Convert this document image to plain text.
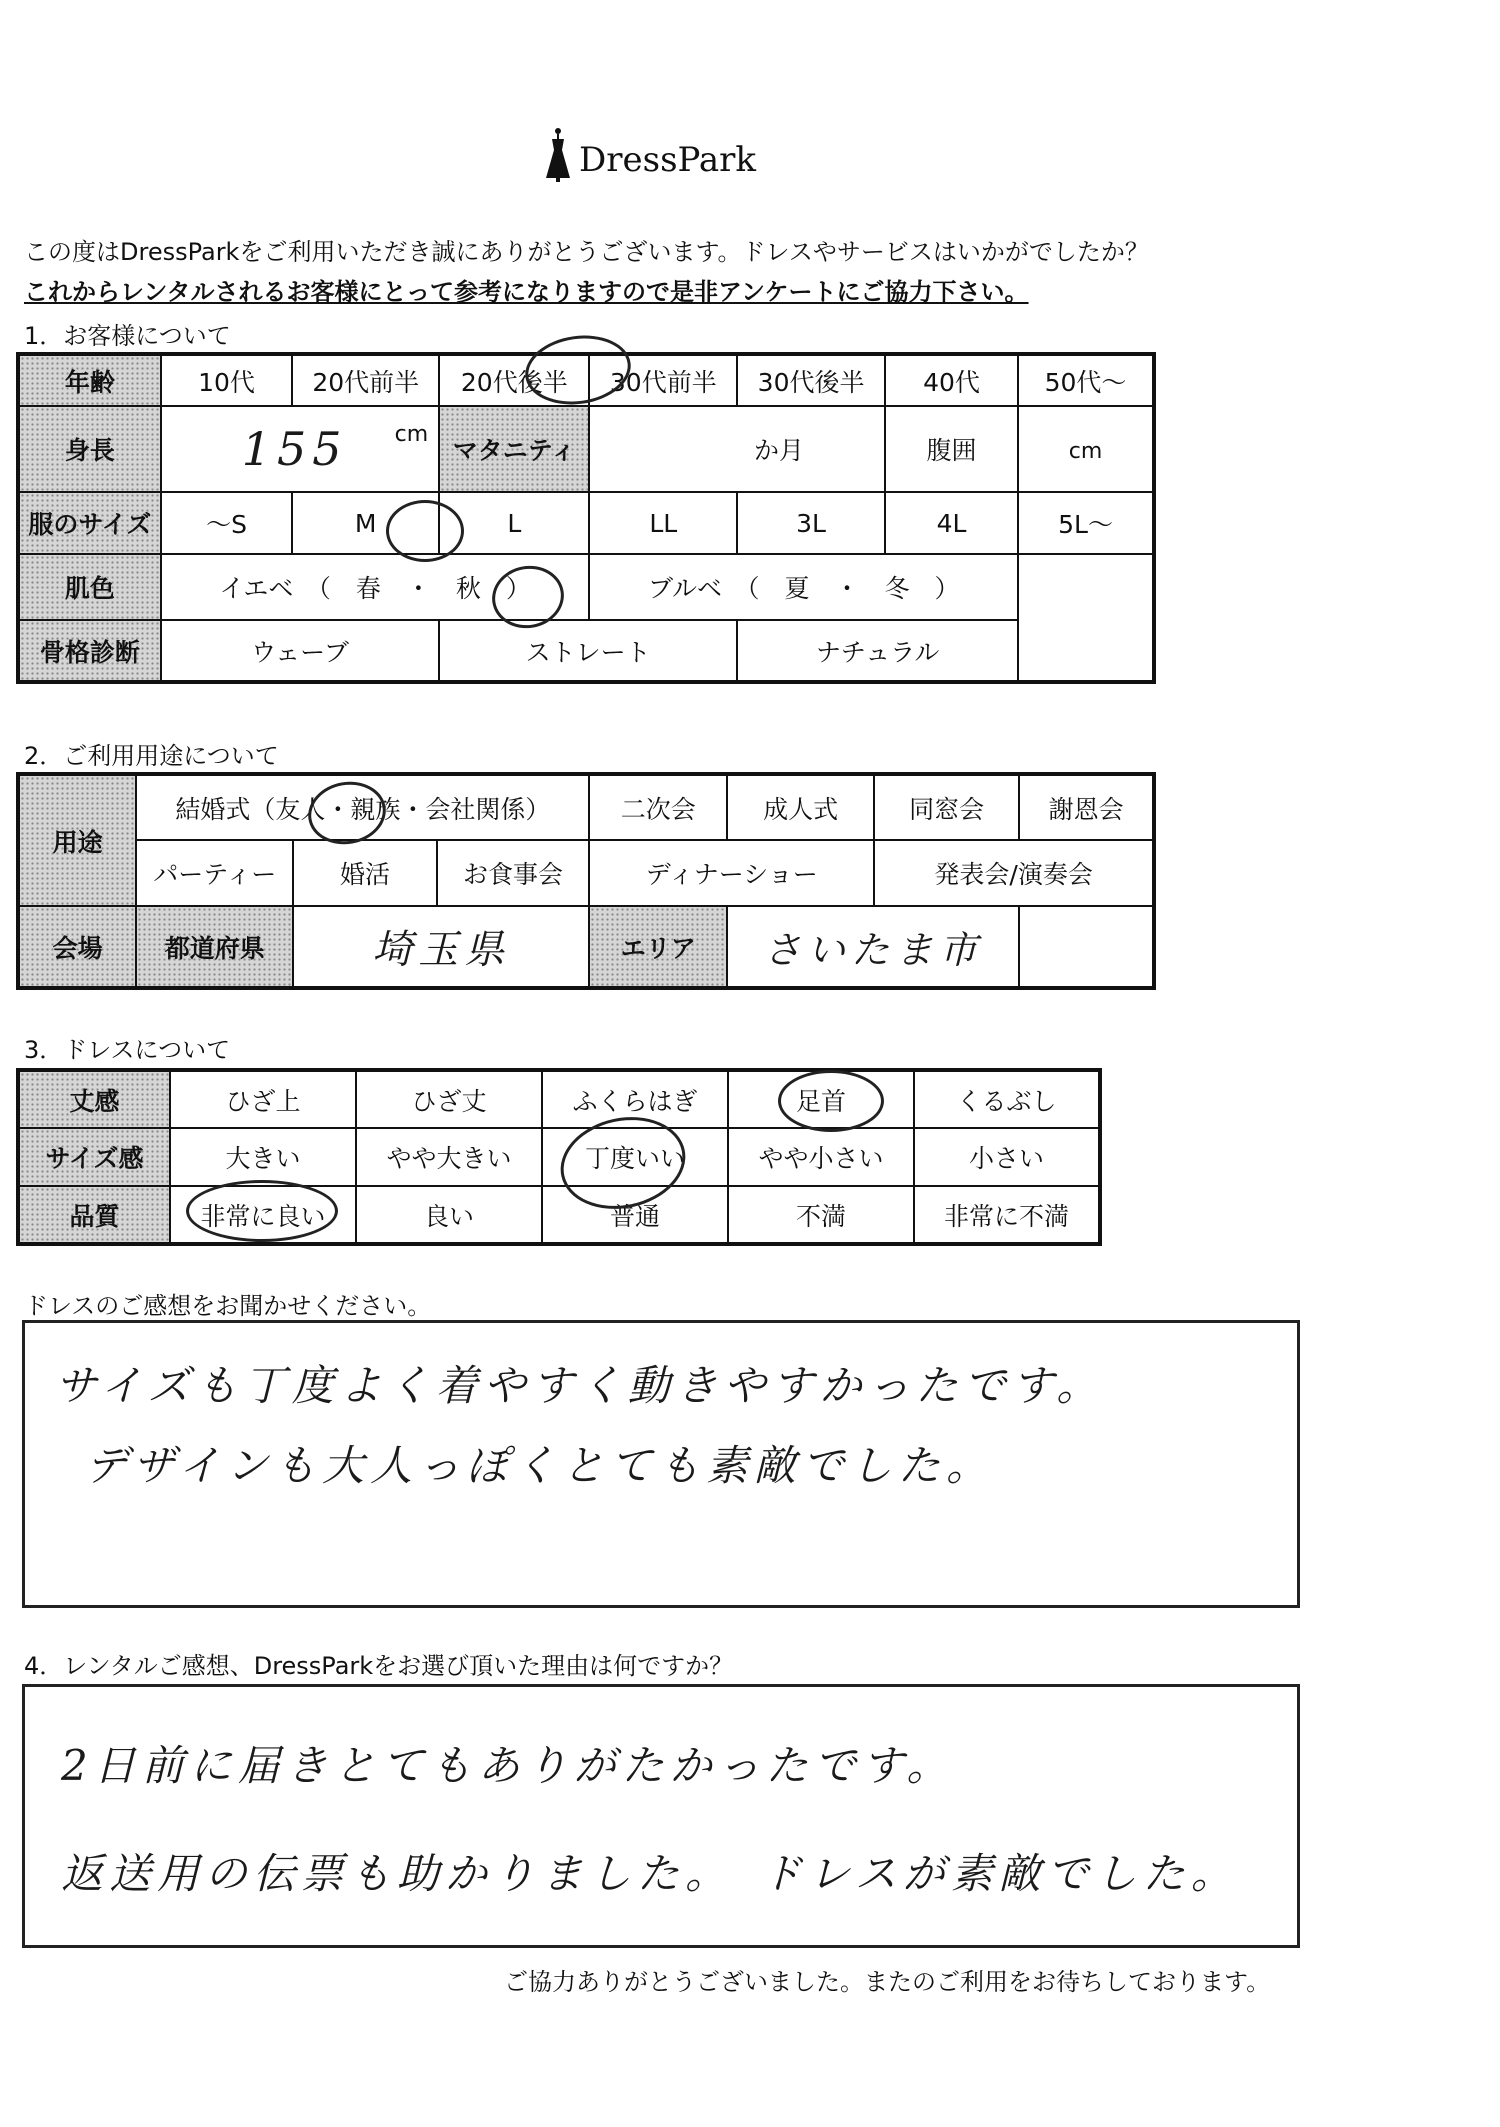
DressPark
この度はDressParkをご利用いただき誠にありがとうございます。ドレスやサービスはいかがでしたか？
これからレンタルされるお客様にとって参考になりますので是非アンケートにご協力下さい。
1．お客様について
年齢	10代	20代前半	20代後半	30代前半	30代後半	40代	50代～
身長	155 cm		マタニティ	か月		腹囲	cm
服のサイズ	～S	M	L	LL	3L	4L	5L～
肌色	イエベ　（　春　・　秋　）			ブルベ　（　夏　・　冬　）			
骨格診断	ウェーブ		ストレート		ナチュラル		
2．ご利用用途について
用途	結婚式（友人・親族・会社関係）			二次会	成人式	同窓会	謝恩会
	パーティー	婚活	お食事会	ディナーショー		発表会/演奏会	
会場	都道府県	埼玉県		エリア	さいたま市		
3．ドレスについて
丈感	ひざ上	ひざ丈	ふくらはぎ	足首	くるぶし
サイズ感	大きい	やや大きい	丁度いい	やや小さい	小さい
品質	非常に良い	良い	普通	不満	非常に不満
ドレスのご感想をお聞かせください。
サイズも丁度よく着やすく動きやすかったです。
デザインも大人っぽくとても素敵でした。
4．レンタルご感想、DressParkをお選び頂いた理由は何ですか？
2日前に届きとてもありがたかったです。
返送用の伝票も助かりました。　ドレスが素敵でした。
ご協力ありがとうございました。またのご利用をお待ちしております。
